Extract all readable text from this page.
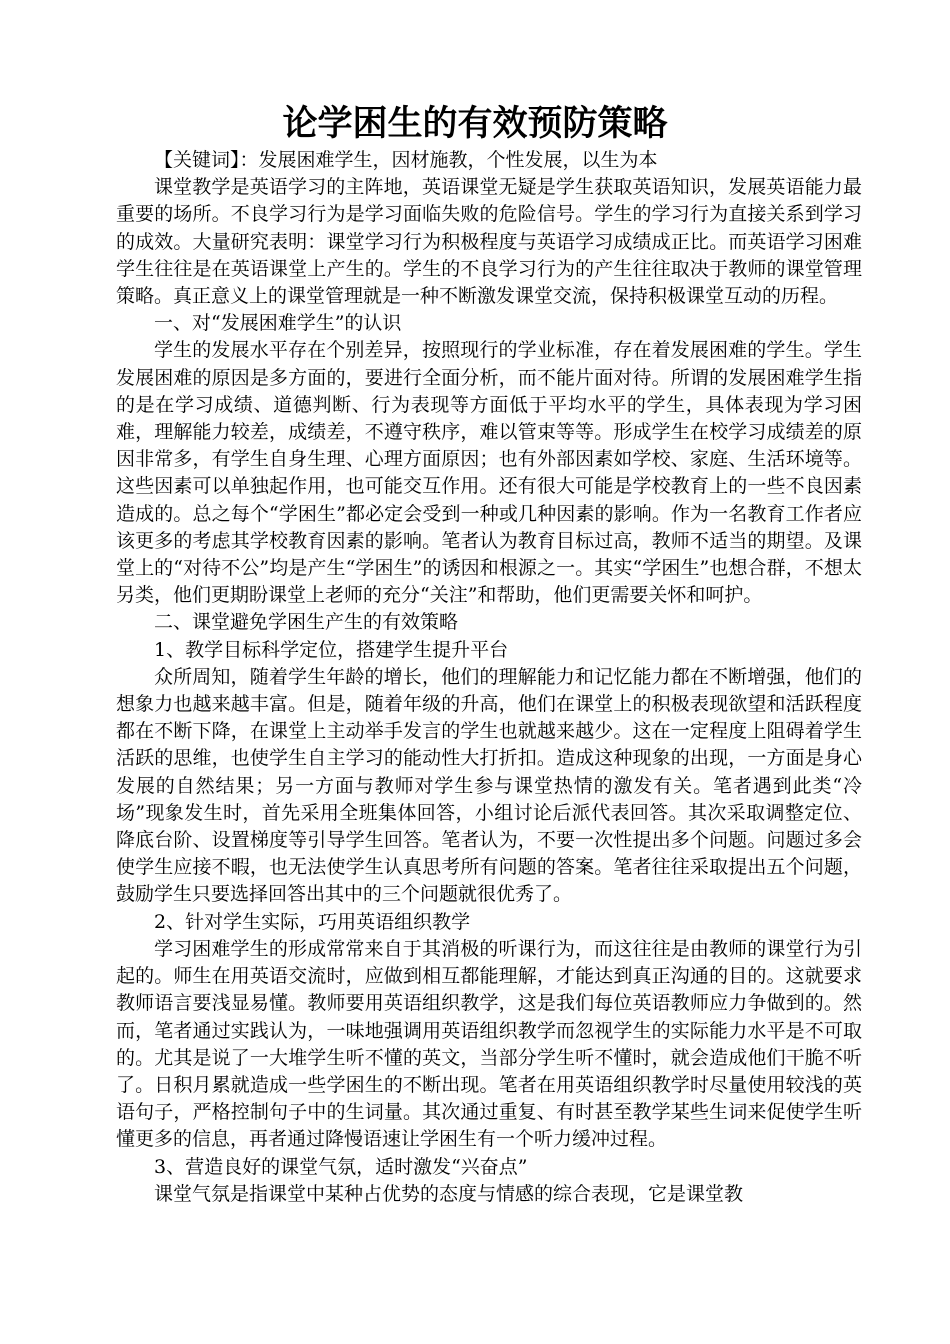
论学困生的有效预防策略

【关键词】：发展困难学生，因材施教，个性发展，以生为本

课堂教学是英语学习的主阵地，英语课堂无疑是学生获取英语知识，发展英语能力最重要的场所。不良学习行为是学习面临失败的危险信号。学生的学习行为直接关系到学习的成效。大量研究表明：课堂学习行为积极程度与英语学习成绩成正比。而英语学习困难学生往往是在英语课堂上产生的。学生的不良学习行为的产生往往取决于教师的课堂管理策略。真正意义上的课堂管理就是一种不断激发课堂交流，保持积极课堂互动的历程。

一、对“发展困难学生”的认识

学生的发展水平存在个别差异，按照现行的学业标准，存在着发展困难的学生。学生发展困难的原因是多方面的，要进行全面分析，而不能片面对待。所谓的发展困难学生指的是在学习成绩、道德判断、行为表现等方面低于平均水平的学生，具体表现为学习困难，理解能力较差，成绩差，不遵守秩序，难以管束等等。形成学生在校学习成绩差的原因非常多，有学生自身生理、心理方面原因；也有外部因素如学校、家庭、生活环境等。这些因素可以单独起作用，也可能交互作用。还有很大可能是学校教育上的一些不良因素造成的。总之每个“学困生”都必定会受到一种或几种因素的影响。作为一名教育工作者应该更多的考虑其学校教育因素的影响。笔者认为教育目标过高，教师不适当的期望。及课堂上的“对待不公”均是产生“学困生”的诱因和根源之一。其实“学困生”也想合群，不想太另类，他们更期盼课堂上老师的充分“关注”和帮助，他们更需要关怀和呵护。

二、课堂避免学困生产生的有效策略

1、教学目标科学定位，搭建学生提升平台

众所周知，随着学生年龄的增长，他们的理解能力和记忆能力都在不断增强，他们的想象力也越来越丰富。但是，随着年级的升高，他们在课堂上的积极表现欲望和活跃程度都在不断下降，在课堂上主动举手发言的学生也就越来越少。这在一定程度上阻碍着学生活跃的思维，也使学生自主学习的能动性大打折扣。造成这种现象的出现，一方面是身心发展的自然结果；另一方面与教师对学生参与课堂热情的激发有关。笔者遇到此类“冷场”现象发生时，首先采用全班集体回答，小组讨论后派代表回答。其次采取调整定位、降底台阶、设置梯度等引导学生回答。笔者认为，不要一次性提出多个问题。问题过多会使学生应接不暇，也无法使学生认真思考所有问题的答案。笔者往往采取提出五个问题，鼓励学生只要选择回答出其中的三个问题就很优秀了。

2、针对学生实际，巧用英语组织教学

学习困难学生的形成常常来自于其消极的听课行为，而这往往是由教师的课堂行为引起的。师生在用英语交流时，应做到相互都能理解，才能达到真正沟通的目的。这就要求教师语言要浅显易懂。教师要用英语组织教学，这是我们每位英语教师应力争做到的。然而，笔者通过实践认为，一味地强调用英语组织教学而忽视学生的实际能力水平是不可取的。尤其是说了一大堆学生听不懂的英文，当部分学生听不懂时，就会造成他们干脆不听了。日积月累就造成一些学困生的不断出现。笔者在用英语组织教学时尽量使用较浅的英语句子，严格控制句子中的生词量。其次通过重复、有时甚至教学某些生词来促使学生听懂更多的信息，再者通过降慢语速让学困生有一个听力缓冲过程。

3、营造良好的课堂气氛，适时激发“兴奋点”

课堂气氛是指课堂中某种占优势的态度与情感的综合表现，它是课堂教
